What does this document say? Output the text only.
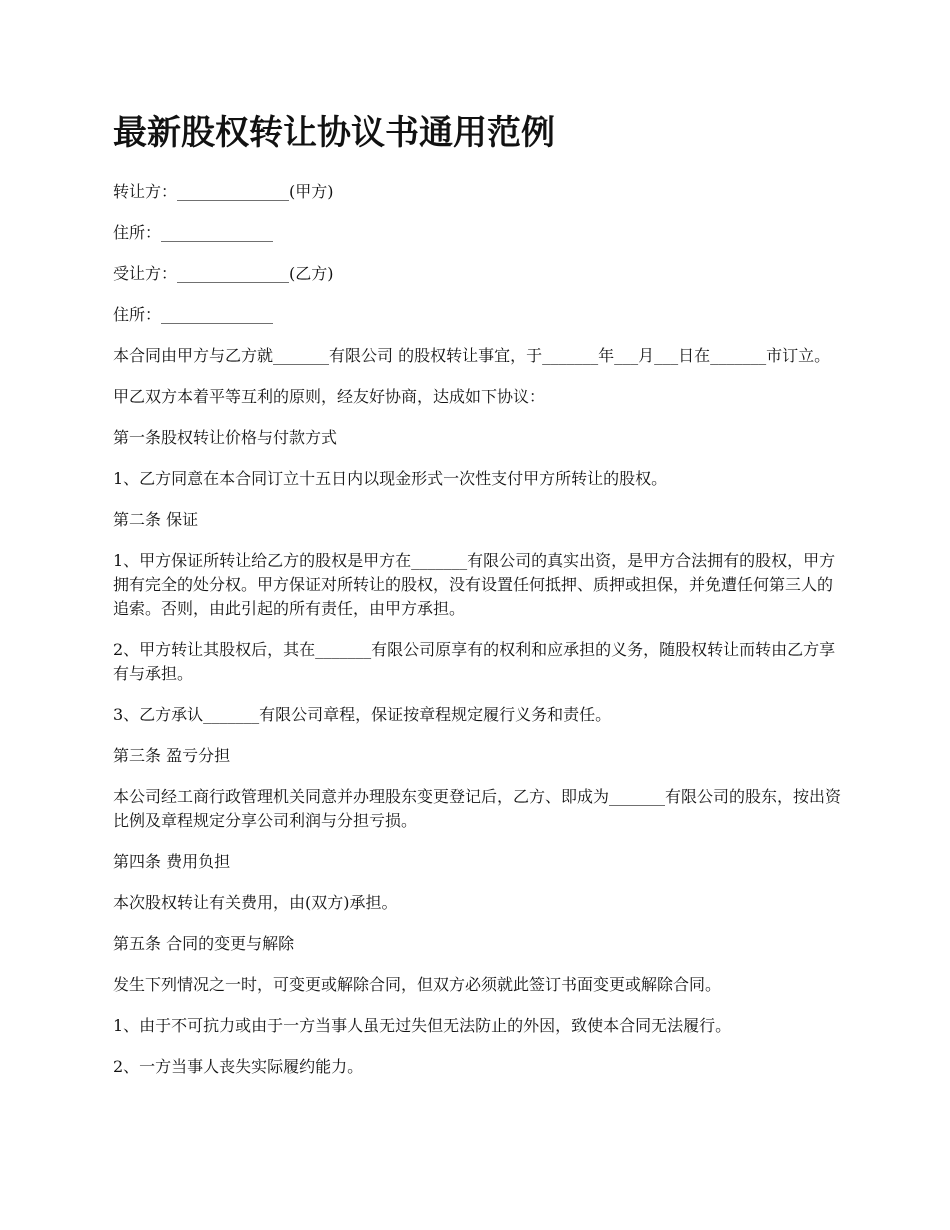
最新股权转让协议书通用范例

转让方：______________(甲方)

住所：______________

受让方：______________(乙方)

住所：______________

本合同由甲方与乙方就_______有限公司 的股权转让事宜，于_______年___月___日在_______市订立。

甲乙双方本着平等互利的原则，经友好协商，达成如下协议：

第一条股权转让价格与付款方式

1、乙方同意在本合同订立十五日内以现金形式一次性支付甲方所转让的股权。

第二条 保证

1、甲方保证所转让给乙方的股权是甲方在_______有限公司的真实出资，是甲方合法拥有的股权，甲方拥有完全的处分权。甲方保证对所转让的股权，没有设置任何抵押、质押或担保，并免遭任何第三人的追索。否则，由此引起的所有责任，由甲方承担。

2、甲方转让其股权后，其在_______有限公司原享有的权利和应承担的义务，随股权转让而转由乙方享有与承担。

3、乙方承认_______有限公司章程，保证按章程规定履行义务和责任。

第三条 盈亏分担

本公司经工商行政管理机关同意并办理股东变更登记后，乙方、即成为_______有限公司的股东，按出资比例及章程规定分享公司利润与分担亏损。

第四条 费用负担

本次股权转让有关费用，由(双方)承担。

第五条 合同的变更与解除

发生下列情况之一时，可变更或解除合同，但双方必须就此签订书面变更或解除合同。

1、由于不可抗力或由于一方当事人虽无过失但无法防止的外因，致使本合同无法履行。

2、一方当事人丧失实际履约能力。
